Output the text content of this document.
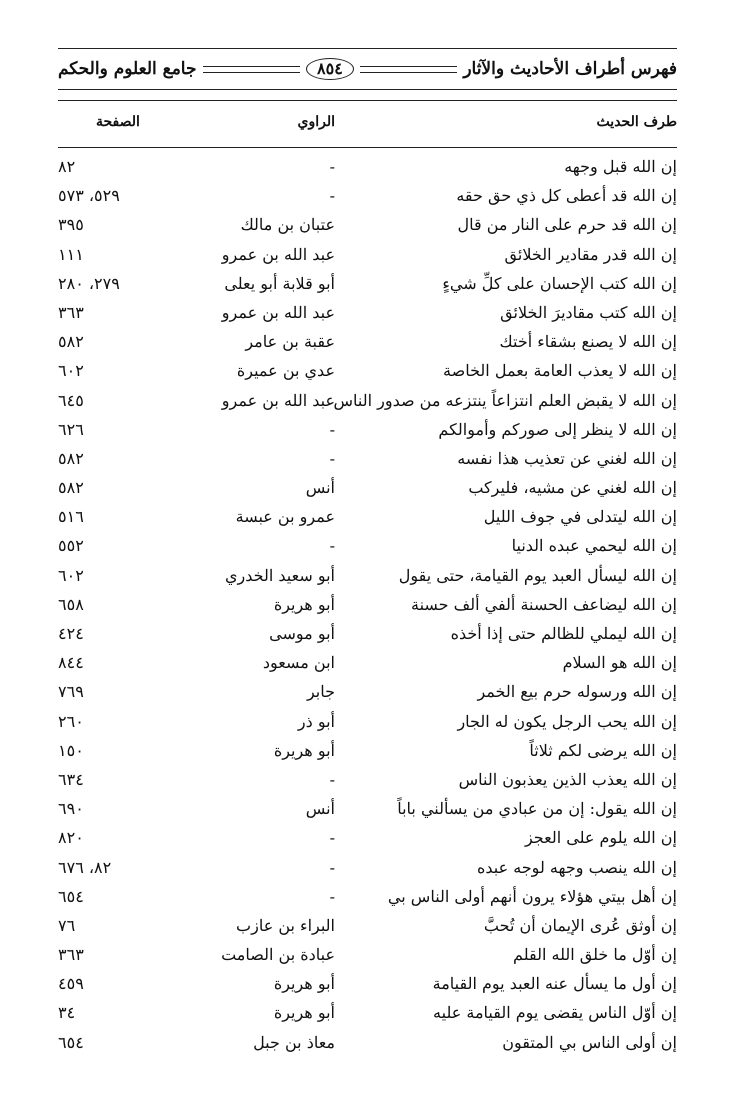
فهرس أطراف الأحاديث والآثار
٨٥٤
جامع العلوم والحكم
طرف الحديث
الراوي
الصفحة
إن الله قبل وجهه
-
٨٢
إن الله قد أعطى كل ذي حق حقه
-
٥٢٩، ٥٧٣
إن الله قد حرم على النار من قال
عتبان بن مالك
٣٩٥
إن الله قدر مقادير الخلائق
عبد الله بن عمرو
١١١
إن الله كتب الإحسان على كلِّ شيءٍ
أبو قلابة أبو يعلى
٢٧٩، ٢٨٠
إن الله كتب مقاديرَ الخلائق
عبد الله بن عمرو
٣٦٣
إن الله لا يصنع بشقاء أختك
عقبة بن عامر
٥٨٢
إن الله لا يعذب العامة بعمل الخاصة
عدي بن عميرة
٦٠٢
إن الله لا يقبض العلم انتزاعاً ينتزعه من صدور الناس
عبد الله بن عمرو
٦٤٥
إن الله لا ينظر إلى صوركم وأموالكم
-
٦٢٦
إن الله لغني عن تعذيب هذا نفسه
-
٥٨٢
إن الله لغني عن مشيه، فليركب
أنس
٥٨٢
إن الله ليتدلى في جوف الليل
عمرو بن عبسة
٥١٦
إن الله ليحمي عبده الدنيا
-
٥٥٢
إن الله ليسأل العبد يوم القيامة، حتى يقول
أبو سعيد الخدري
٦٠٢
إن الله ليضاعف الحسنة ألفي ألف حسنة
أبو هريرة
٦٥٨
إن الله ليملي للظالم حتى إذا أخذه
أبو موسى
٤٢٤
إن الله هو السلام
ابن مسعود
٨٤٤
إن الله ورسوله حرم بيع الخمر
جابر
٧٦٩
إن الله يحب الرجل يكون له الجار
أبو ذر
٢٦٠
إن الله يرضى لكم ثلاثاً
أبو هريرة
١٥٠
إن الله يعذب الذين يعذبون الناس
-
٦٣٤
إن الله يقول: إن من عبادي من يسألني باباً
أنس
٦٩٠
إن الله يلوم على العجز
-
٨٢٠
إن الله ينصب وجهه لوجه عبده
-
٨٢، ٦٧٦
إن أهل بيتي هؤلاء يرون أنهم أولى الناس بي
-
٦٥٤
إن أوثق عُرى الإيمان أن تُحبَّ
البراء بن عازب
٧٦
إن أوّل ما خلق الله القلم
عبادة بن الصامت
٣٦٣
إن أول ما يسأل عنه العبد يوم القيامة
أبو هريرة
٤٥٩
إن أوّل الناس يقضى يوم القيامة عليه
أبو هريرة
٣٤
إن أولى الناس بي المتقون
معاذ بن جبل
٦٥٤
